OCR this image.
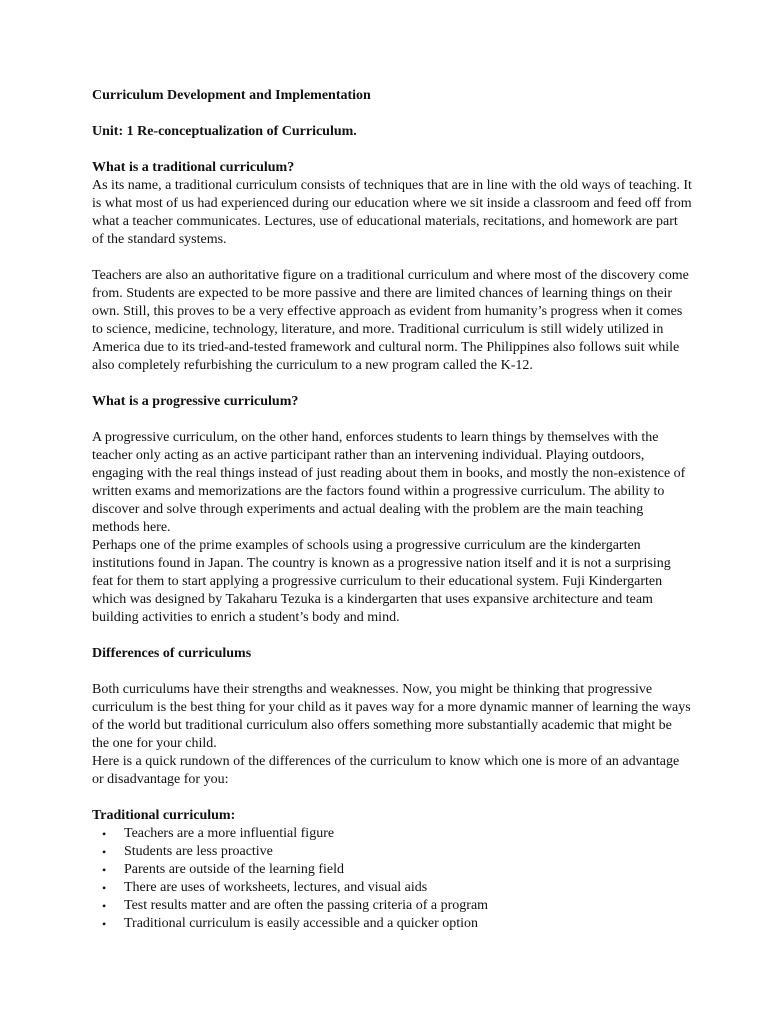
Curriculum Development and Implementation

Unit: 1 Re-conceptualization of Curriculum.

What is a traditional curriculum?

As its name, a traditional curriculum consists of techniques that are in line with the old ways of teaching. It is what most of us had experienced during our education where we sit inside a classroom and feed off from what a teacher communicates. Lectures, use of educational materials, recitations, and homework are part of the standard systems.

Teachers are also an authoritative figure on a traditional curriculum and where most of the discovery come from. Students are expected to be more passive and there are limited chances of learning things on their own. Still, this proves to be a very effective approach as evident from humanity’s progress when it comes to science, medicine, technology, literature, and more. Traditional curriculum is still widely utilized in America due to its tried-and-tested framework and cultural norm. The Philippines also follows suit while also completely refurbishing the curriculum to a new program called the K-12.

What is a progressive curriculum?

A progressive curriculum, on the other hand, enforces students to learn things by themselves with the teacher only acting as an active participant rather than an intervening individual. Playing outdoors, engaging with the real things instead of just reading about them in books, and mostly the non-existence of written exams and memorizations are the factors found within a progressive curriculum. The ability to discover and solve through experiments and actual dealing with the problem are the main teaching methods here.

Perhaps one of the prime examples of schools using a progressive curriculum are the kindergarten institutions found in Japan. The country is known as a progressive nation itself and it is not a surprising feat for them to start applying a progressive curriculum to their educational system. Fuji Kindergarten which was designed by Takaharu Tezuka is a kindergarten that uses expansive architecture and team building activities to enrich a student’s body and mind.

Differences of curriculums

Both curriculums have their strengths and weaknesses. Now, you might be thinking that progressive curriculum is the best thing for your child as it paves way for a more dynamic manner of learning the ways of the world but traditional curriculum also offers something more substantially academic that might be the one for your child.

Here is a quick rundown of the differences of the curriculum to know which one is more of an advantage or disadvantage for you:

Traditional curriculum:

• Teachers are a more influential figure
• Students are less proactive
• Parents are outside of the learning field
• There are uses of worksheets, lectures, and visual aids
• Test results matter and are often the passing criteria of a program
• Traditional curriculum is easily accessible and a quicker option
